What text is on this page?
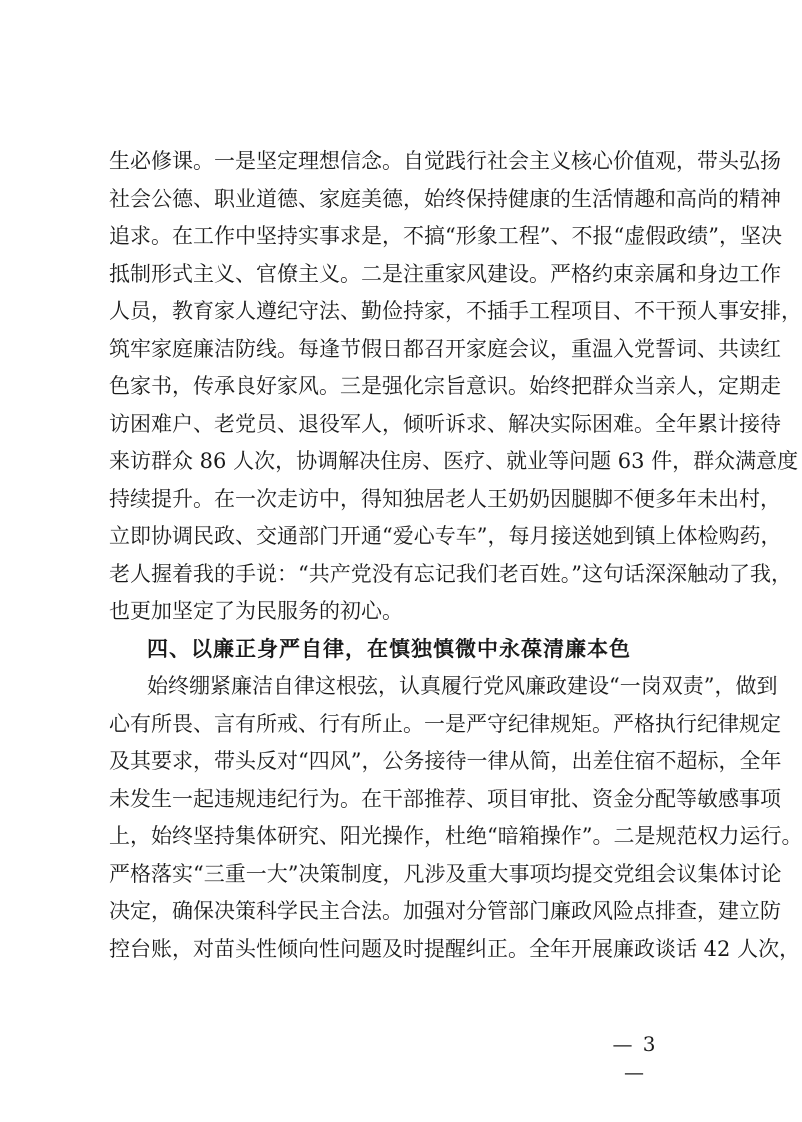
生必修课。一是坚定理想信念。自觉践行社会主义核心价值观，带头弘扬
社会公德、职业道德、家庭美德，始终保持健康的生活情趣和高尚的精神
追求。在工作中坚持实事求是，不搞“形象工程”、不报“虚假政绩”，坚决
抵制形式主义、官僚主义。二是注重家风建设。严格约束亲属和身边工作
人员，教育家人遵纪守法、勤俭持家，不插手工程项目、不干预人事安排，
筑牢家庭廉洁防线。每逢节假日都召开家庭会议，重温入党誓词、共读红
色家书，传承良好家风。三是强化宗旨意识。始终把群众当亲人，定期走
访困难户、老党员、退役军人，倾听诉求、解决实际困难。全年累计接待
来访群众 86 人次，协调解决住房、医疗、就业等问题 63 件，群众满意度
持续提升。在一次走访中，得知独居老人王奶奶因腿脚不便多年未出村，
立即协调民政、交通部门开通“爱心专车”，每月接送她到镇上体检购药，
老人握着我的手说：“共产党没有忘记我们老百姓。”这句话深深触动了我，
也更加坚定了为民服务的初心。
四、以廉正身严自律，在慎独慎微中永葆清廉本色
始终绷紧廉洁自律这根弦，认真履行党风廉政建设“一岗双责”，做到
心有所畏、言有所戒、行有所止。一是严守纪律规矩。严格执行纪律规定
及其要求，带头反对“四风”，公务接待一律从简，出差住宿不超标，全年
未发生一起违规违纪行为。在干部推荐、项目审批、资金分配等敏感事项
上，始终坚持集体研究、阳光操作，杜绝“暗箱操作”。二是规范权力运行。
严格落实“三重一大”决策制度，凡涉及重大事项均提交党组会议集体讨论
决定，确保决策科学民主合法。加强对分管部门廉政风险点排查，建立防
控台账，对苗头性倾向性问题及时提醒纠正。全年开展廉政谈话 42 人次，
— 3 —
